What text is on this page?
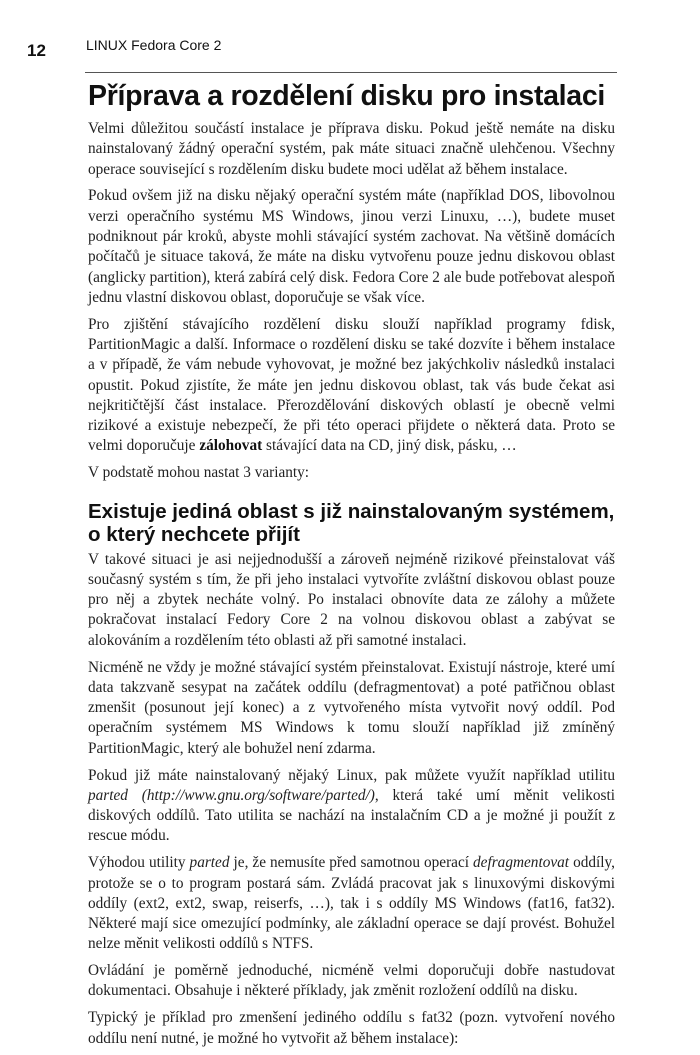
12	LINUX Fedora Core 2
Příprava a rozdělení disku pro instalaci

Velmi důležitou součástí instalace je příprava disku. Pokud ještě nemáte na disku nainstalovaný žádný operační systém, pak máte situaci značně ulehčenou. Všechny operace související s rozdělením disku budete moci udělat až během instalace.

Pokud ovšem již na disku nějaký operační systém máte (například DOS, libovolnou verzi operačního systému MS Windows, jinou verzi Linuxu, …), budete muset podniknout pár kroků, abyste mohli stávající systém zachovat. Na většině domácích počítačů je situace taková, že máte na disku vytvořenu pouze jednu diskovou oblast (anglicky partition), která zabírá celý disk. Fedora Core 2 ale bude potřebovat alespoň jednu vlastní diskovou oblast, doporučuje se však více.

Pro zjištění stávajícího rozdělení disku slouží například programy fdisk, PartitionMagic a další. Informace o rozdělení disku se také dozvíte i během instalace a v případě, že vám nebude vyhovovat, je možné bez jakýchkoliv následků instalaci opustit. Pokud zjistíte, že máte jen jednu diskovou oblast, tak vás bude čekat asi nejkritičtější část instalace. Přerozdělování diskových oblastí je obecně velmi rizikové a existuje nebezpečí, že při této operaci přijdete o některá data. Proto se velmi doporučuje zálohovat stávající data na CD, jiný disk, pásku, …

V podstatě mohou nastat 3 varianty:

Existuje jediná oblast s již nainstalovaným systémem, o který nechcete přijít

V takové situaci je asi nejjednodušší a zároveň nejméně rizikové přeinstalovat váš současný systém s tím, že při jeho instalaci vytvoříte zvláštní diskovou oblast pouze pro něj a zbytek necháte volný. Po instalaci obnovíte data ze zálohy a můžete pokračovat instalací Fedory Core 2 na volnou diskovou oblast a zabývat se alokováním a rozdělením této oblasti až při samotné instalaci.

Nicméně ne vždy je možné stávající systém přeinstalovat. Existují nástroje, které umí data takzvaně sesypat na začátek oddílu (defragmentovat) a poté patřičnou oblast zmenšit (posunout její konec) a z vytvořeného místa vytvořit nový oddíl. Pod operačním systémem MS Windows k tomu slouží například již zmíněný PartitionMagic, který ale bohužel není zdarma.

Pokud již máte nainstalovaný nějaký Linux, pak můžete využít například utilitu parted (http://www.gnu.org/software/parted/), která také umí měnit velikosti diskových oddílů. Tato utilita se nachází na instalačním CD a je možné ji použít z rescue módu.

Výhodou utility parted je, že nemusíte před samotnou operací defragmentovat oddíly, protože se o to program postará sám. Zvládá pracovat jak s linuxovými diskovými oddíly (ext2, ext2, swap, reiserfs, …), tak i s oddíly MS Windows (fat16, fat32). Některé mají sice omezující podmínky, ale základní operace se dají provést. Bohužel nelze měnit velikosti oddílů s NTFS.

Ovládání je poměrně jednoduché, nicméně velmi doporučuji dobře nastudovat dokumentaci. Obsahuje i některé příklady, jak změnit rozložení oddílů na disku.

Typický je příklad pro zmenšení jediného oddílu s fat32 (pozn. vytvoření nového oddílu není nutné, je možné ho vytvořit až během instalace):
